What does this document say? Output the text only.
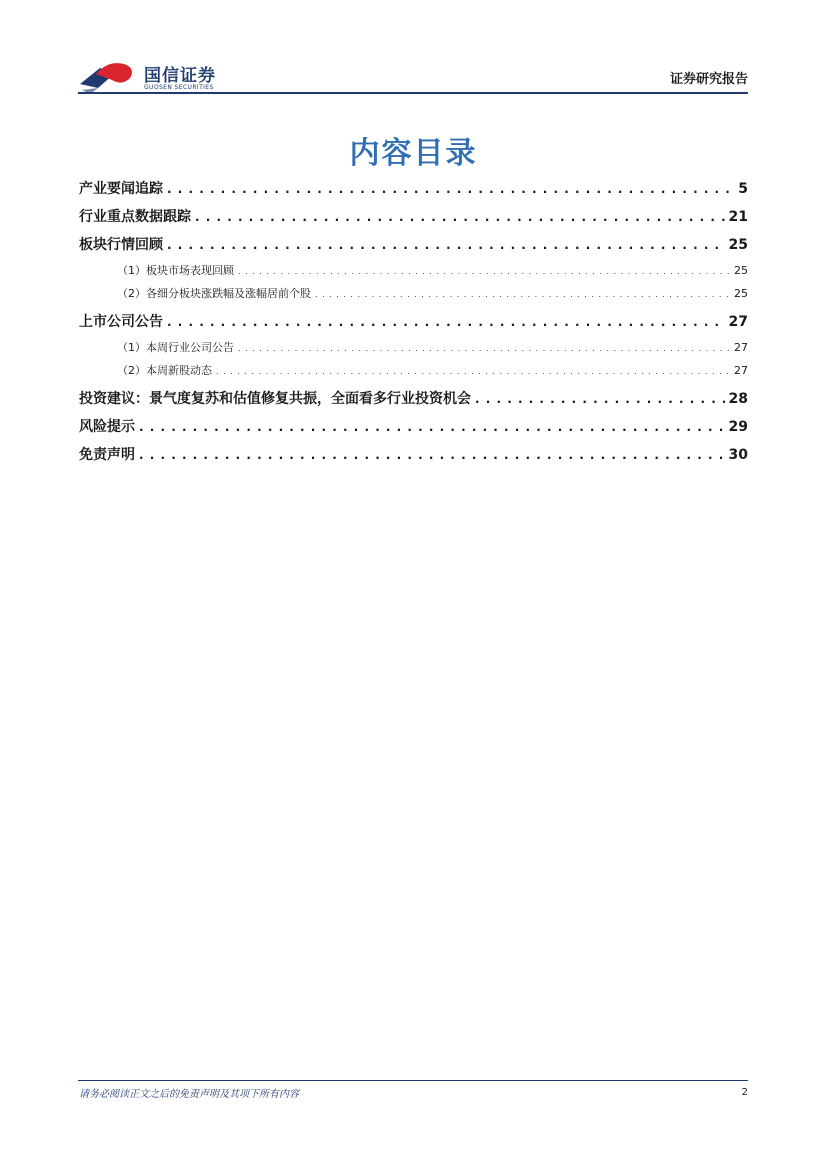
国信证券
GUOSEN SECURITIES
证券研究报告
内容目录
产业要闻追踪 . . .	5
行业重点数据跟踪 . . .	21
板块行情回顾 . . .	25
（1）板块市场表现回顾 . . .	25
（2）各细分板块涨跌幅及涨幅居前个股 . . .	25
上市公司公告 . . .	27
（1）本周行业公司公告 . . .	27
（2）本周新股动态 . . .	27
投资建议：景气度复苏和估值修复共振，全面看多行业投资机会 . . .	28
风险提示 . . .	29
免责声明 . . .	30
请务必阅读正文之后的免责声明及其项下所有内容	2
